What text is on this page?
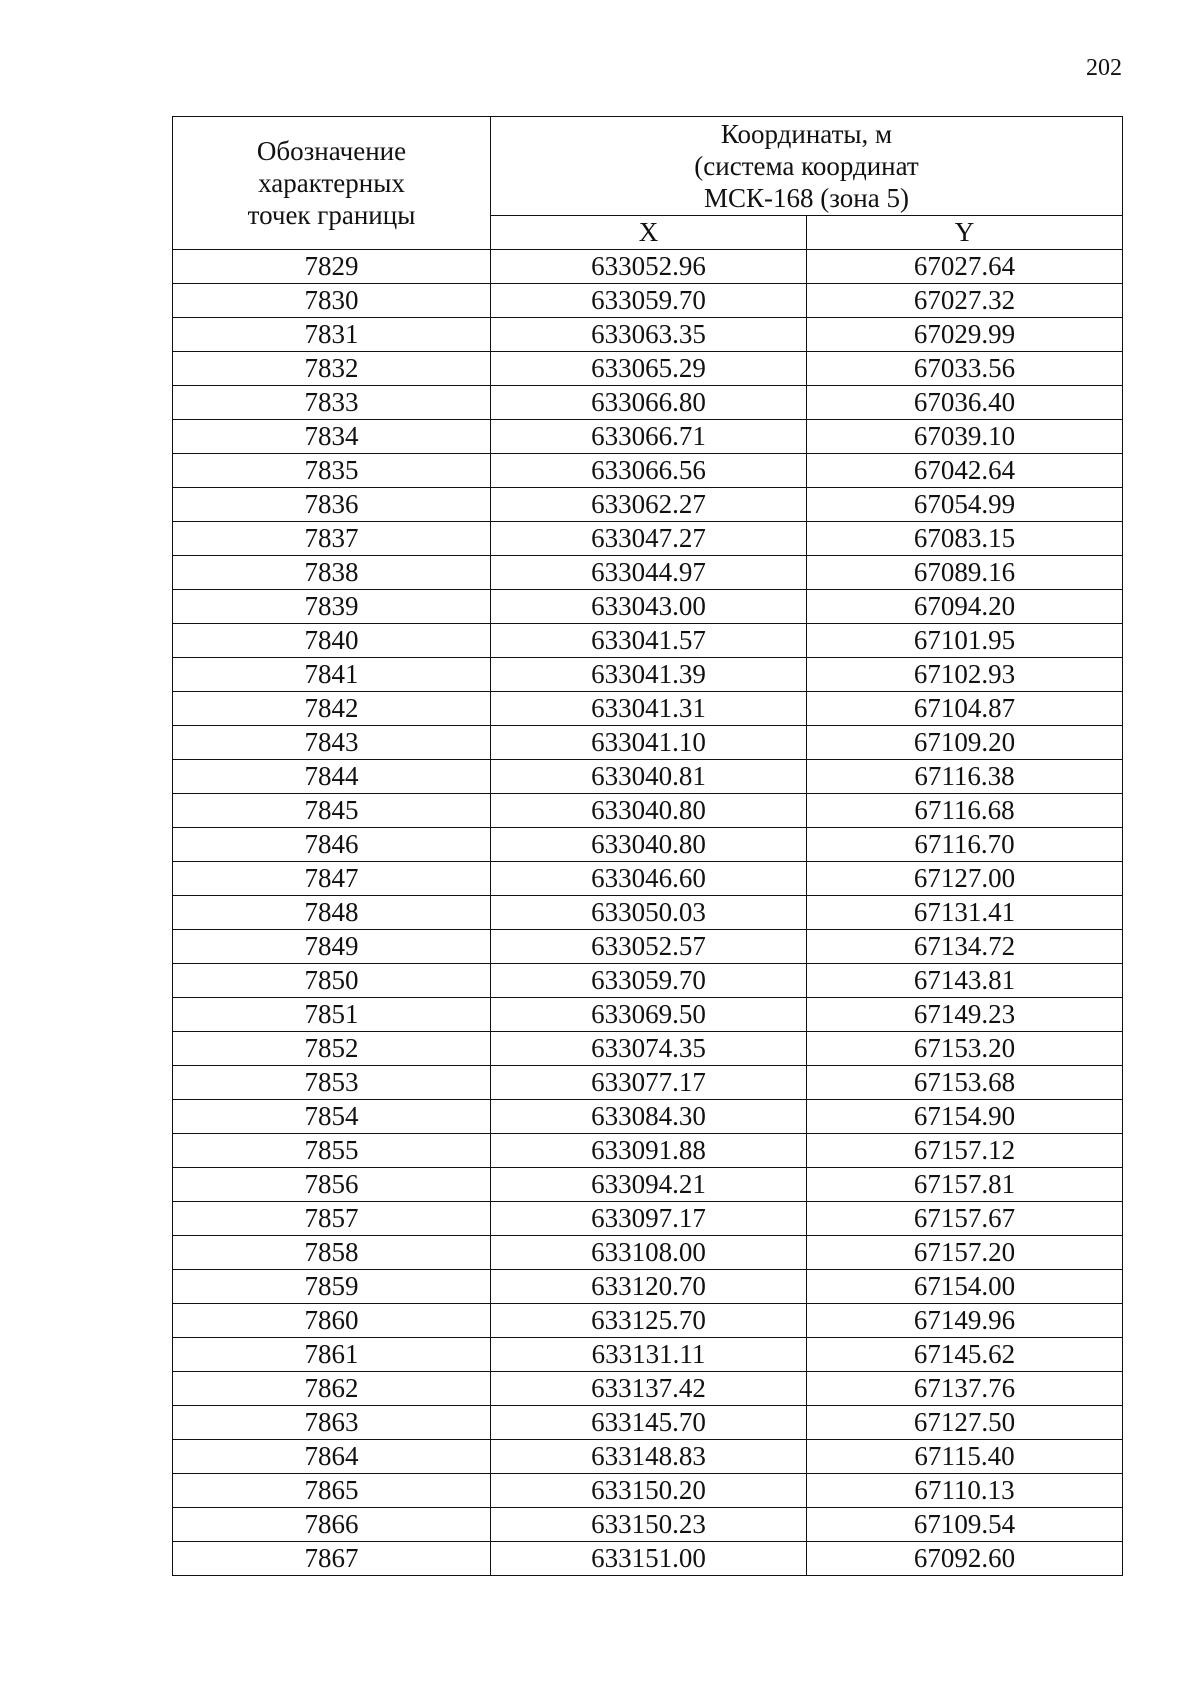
202
Обозначение
характерных
точек границы	Координаты, м
(система координат
МСК-168 (зона 5)	

	X	Y
7829	633052.96	67027.64
7830	633059.70	67027.32
7831	633063.35	67029.99
7832	633065.29	67033.56
7833	633066.80	67036.40
7834	633066.71	67039.10
7835	633066.56	67042.64
7836	633062.27	67054.99
7837	633047.27	67083.15
7838	633044.97	67089.16
7839	633043.00	67094.20
7840	633041.57	67101.95
7841	633041.39	67102.93
7842	633041.31	67104.87
7843	633041.10	67109.20
7844	633040.81	67116.38
7845	633040.80	67116.68
7846	633040.80	67116.70
7847	633046.60	67127.00
7848	633050.03	67131.41
7849	633052.57	67134.72
7850	633059.70	67143.81
7851	633069.50	67149.23
7852	633074.35	67153.20
7853	633077.17	67153.68
7854	633084.30	67154.90
7855	633091.88	67157.12
7856	633094.21	67157.81
7857	633097.17	67157.67
7858	633108.00	67157.20
7859	633120.70	67154.00
7860	633125.70	67149.96
7861	633131.11	67145.62
7862	633137.42	67137.76
7863	633145.70	67127.50
7864	633148.83	67115.40
7865	633150.20	67110.13
7866	633150.23	67109.54
7867	633151.00	67092.60
